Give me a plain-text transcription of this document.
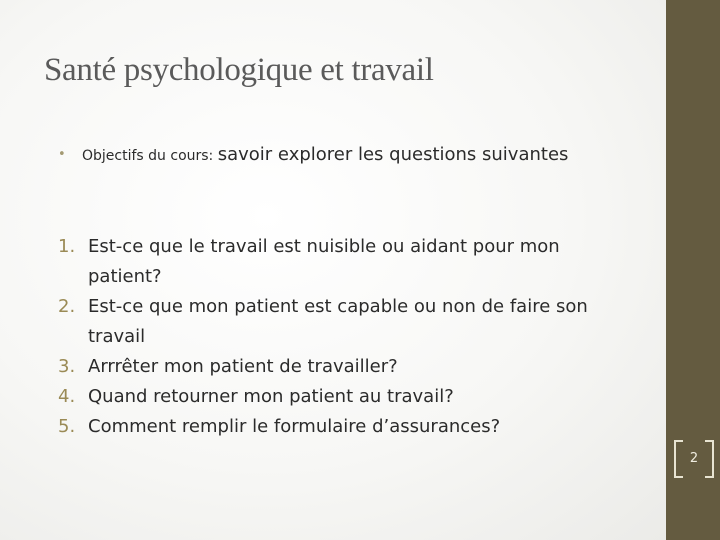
Santé psychologique et travail
• Objectifs du cours: savoir explorer les questions suivantes
1. Est-ce que le travail est nuisible ou aidant pour mon patient?
2. Est-ce que mon patient est capable ou non de faire son travail
3. Arrrêter mon patient de travailler?
4. Quand retourner mon patient au travail?
5. Comment remplir le formulaire d’assurances?
2
